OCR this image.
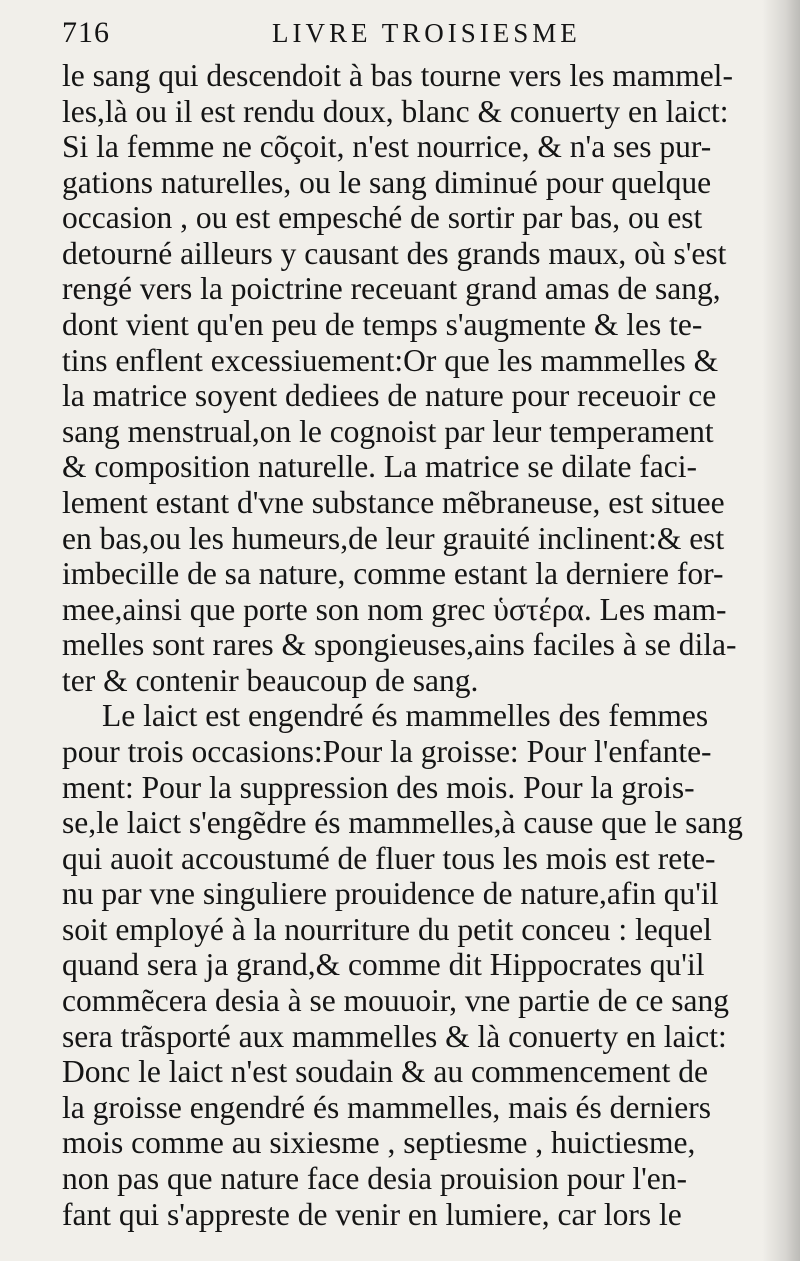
716	LIVRE TROISIESME
le sang qui descendoit à bas tourne vers les mammel-
les,là ou il est rendu doux, blanc & conuerty en laict:
Si la femme ne cõçoit, n'est nourrice, & n'a ses pur-
gations naturelles, ou le sang diminué pour quelque
occasion , ou est empesché de sortir par bas, ou est
detourné ailleurs y causant des grands maux, où s'est
rengé vers la poictrine receuant grand amas de sang,
dont vient qu'en peu de temps s'augmente & les te-
tins enflent excessiuement:Or que les mammelles &
la matrice soyent dediees de nature pour receuoir ce
sang menstrual,on le cognoist par leur temperament
& composition naturelle. La matrice se dilate faci-
lement estant d'vne substance mẽbraneuse, est situee
en bas,ou les humeurs,de leur grauité inclinent:& est
imbecille de sa nature, comme estant la derniere for-
mee,ainsi que porte son nom grec ὑστέρα. Les mam-
melles sont rares & spongieuses,ains faciles à se dila-
ter & contenir beaucoup de sang.
Le laict est engendré és mammelles des femmes
pour trois occasions:Pour la groisse: Pour l'enfante-
ment: Pour la suppression des mois. Pour la grois-
se,le laict s'engẽdre és mammelles,à cause que le sang
qui auoit accoustumé de fluer tous les mois est rete-
nu par vne singuliere prouidence de nature,afin qu'il
soit employé à la nourriture du petit conceu : lequel
quand sera ja grand,& comme dit Hippocrates qu'il
commẽcera desia à se mouuoir, vne partie de ce sang
sera trãsporté aux mammelles & là conuerty en laict:
Donc le laict n'est soudain & au commencement de
la groisse engendré és mammelles, mais és derniers
mois comme au sixiesme , septiesme , huictiesme,
non pas que nature face desia prouision pour l'en-
fant qui s'appreste de venir en lumiere, car lors le
